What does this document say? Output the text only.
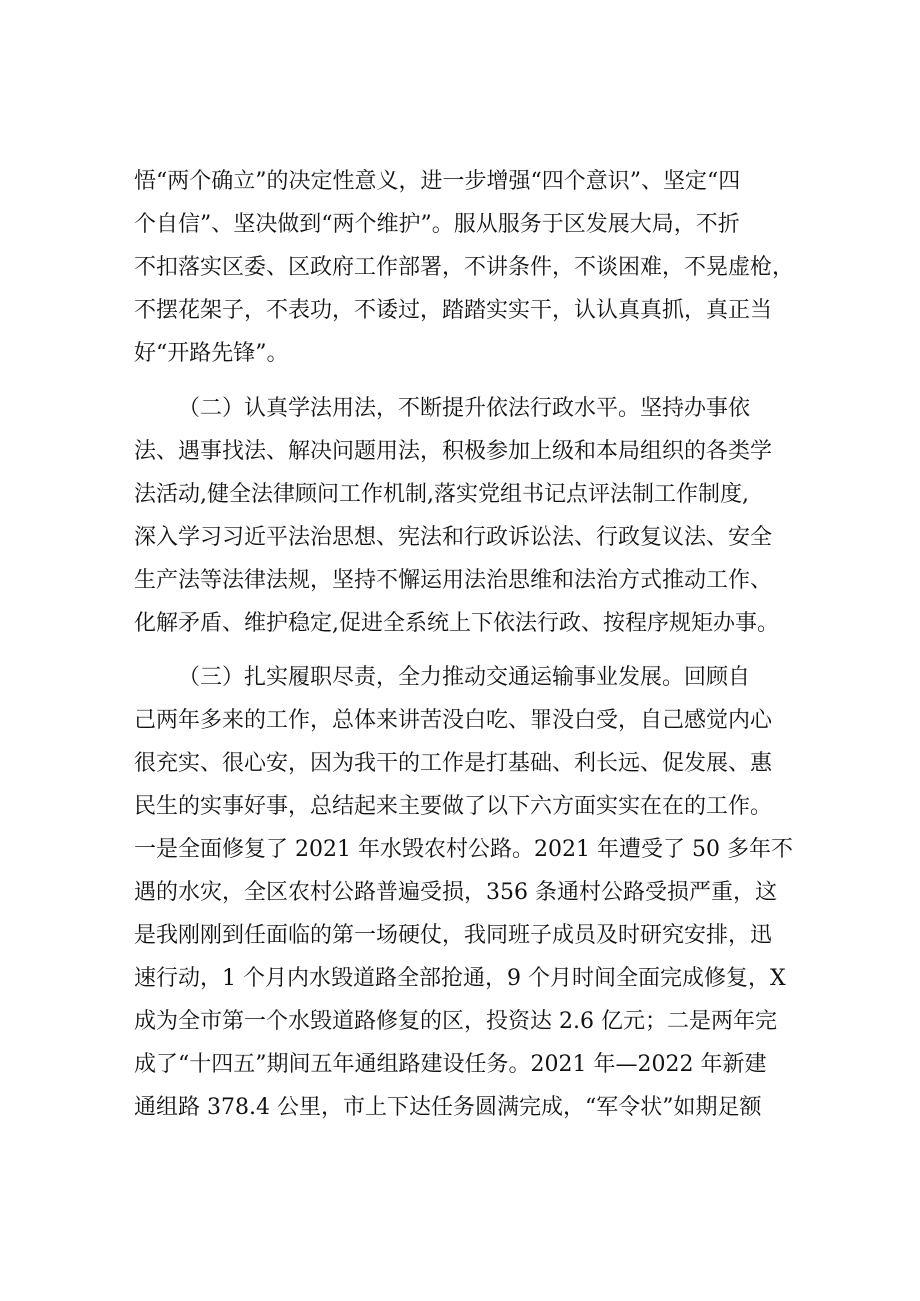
悟“两个确立”的决定性意义，进一步增强“四个意识”、坚定“四
个自信”、坚决做到“两个维护”。服从服务于区发展大局，不折
不扣落实区委、区政府工作部署，不讲条件，不谈困难，不晃虚枪，
不摆花架子，不表功，不诿过，踏踏实实干，认认真真抓，真正当
好“开路先锋”。
（二）认真学法用法，不断提升依法行政水平。坚持办事依
法、遇事找法、解决问题用法，积极参加上级和本局组织的各类学
法活动,健全法律顾问工作机制,落实党组书记点评法制工作制度,
深入学习习近平法治思想、宪法和行政诉讼法、行政复议法、安全
生产法等法律法规，坚持不懈运用法治思维和法治方式推动工作、
化解矛盾、维护稳定,促进全系统上下依法行政、按程序规矩办事。
（三）扎实履职尽责，全力推动交通运输事业发展。回顾自
己两年多来的工作，总体来讲苦没白吃、罪没白受，自己感觉内心
很充实、很心安，因为我干的工作是打基础、利长远、促发展、惠
民生的实事好事，总结起来主要做了以下六方面实实在在的工作。
一是全面修复了 2021 年水毁农村公路。2021 年遭受了 50 多年不
遇的水灾，全区农村公路普遍受损，356 条通村公路受损严重，这
是我刚刚到任面临的第一场硬仗，我同班子成员及时研究安排，迅
速行动，1 个月内水毁道路全部抢通，9 个月时间全面完成修复，X
成为全市第一个水毁道路修复的区，投资达 2.6 亿元；二是两年完
成了“十四五”期间五年通组路建设任务。2021 年—2022 年新建
通组路 378.4 公里，市上下达任务圆满完成，“军令状”如期足额
